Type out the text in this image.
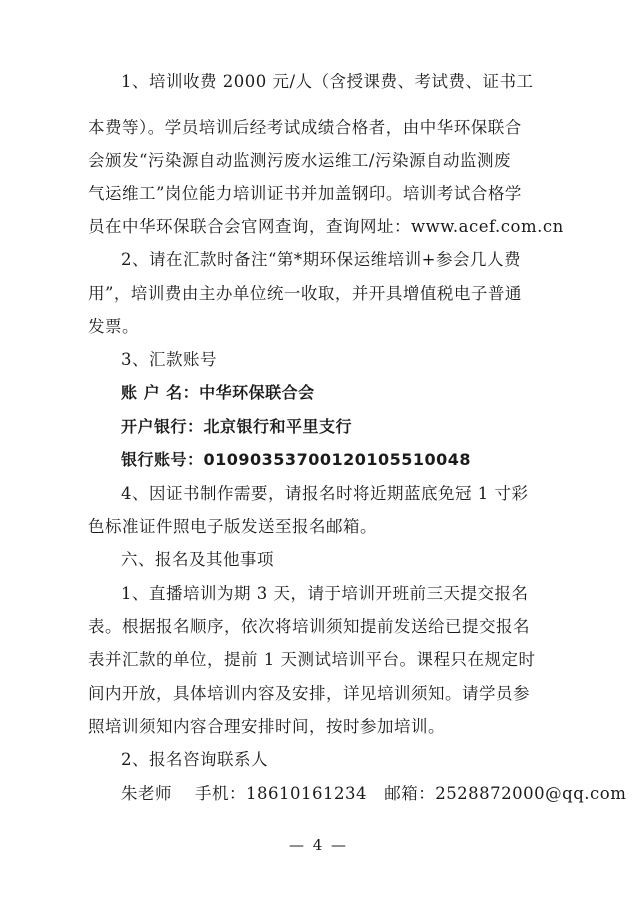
1、培训收费 2000 元/人（含授课费、考试费、证书工
本费等）。学员培训后经考试成绩合格者，由中华环保联合
会颁发“污染源自动监测污废水运维工/污染源自动监测废
气运维工”岗位能力培训证书并加盖钢印。培训考试合格学
员在中华环保联合会官网查询，查询网址：www.acef.com.cn
2、请在汇款时备注“第*期环保运维培训+参会几人费
用”，培训费由主办单位统一收取，并开具增值税电子普通
发票。
3、汇款账号
账 户 名：中华环保联合会
开户银行：北京银行和平里支行
银行账号：01090353700120105510048
4、因证书制作需要，请报名时将近期蓝底免冠 1 寸彩
色标准证件照电子版发送至报名邮箱。
六、报名及其他事项
1、直播培训为期 3 天，请于培训开班前三天提交报名
表。根据报名顺序，依次将培训须知提前发送给已提交报名
表并汇款的单位，提前 1 天测试培训平台。课程只在规定时
间内开放，具体培训内容及安排，详见培训须知。请学员参
照培训须知内容合理安排时间，按时参加培训。
2、报名咨询联系人
朱老师    手机：18610161234   邮箱：2528872000@qq.com
— 4 —
